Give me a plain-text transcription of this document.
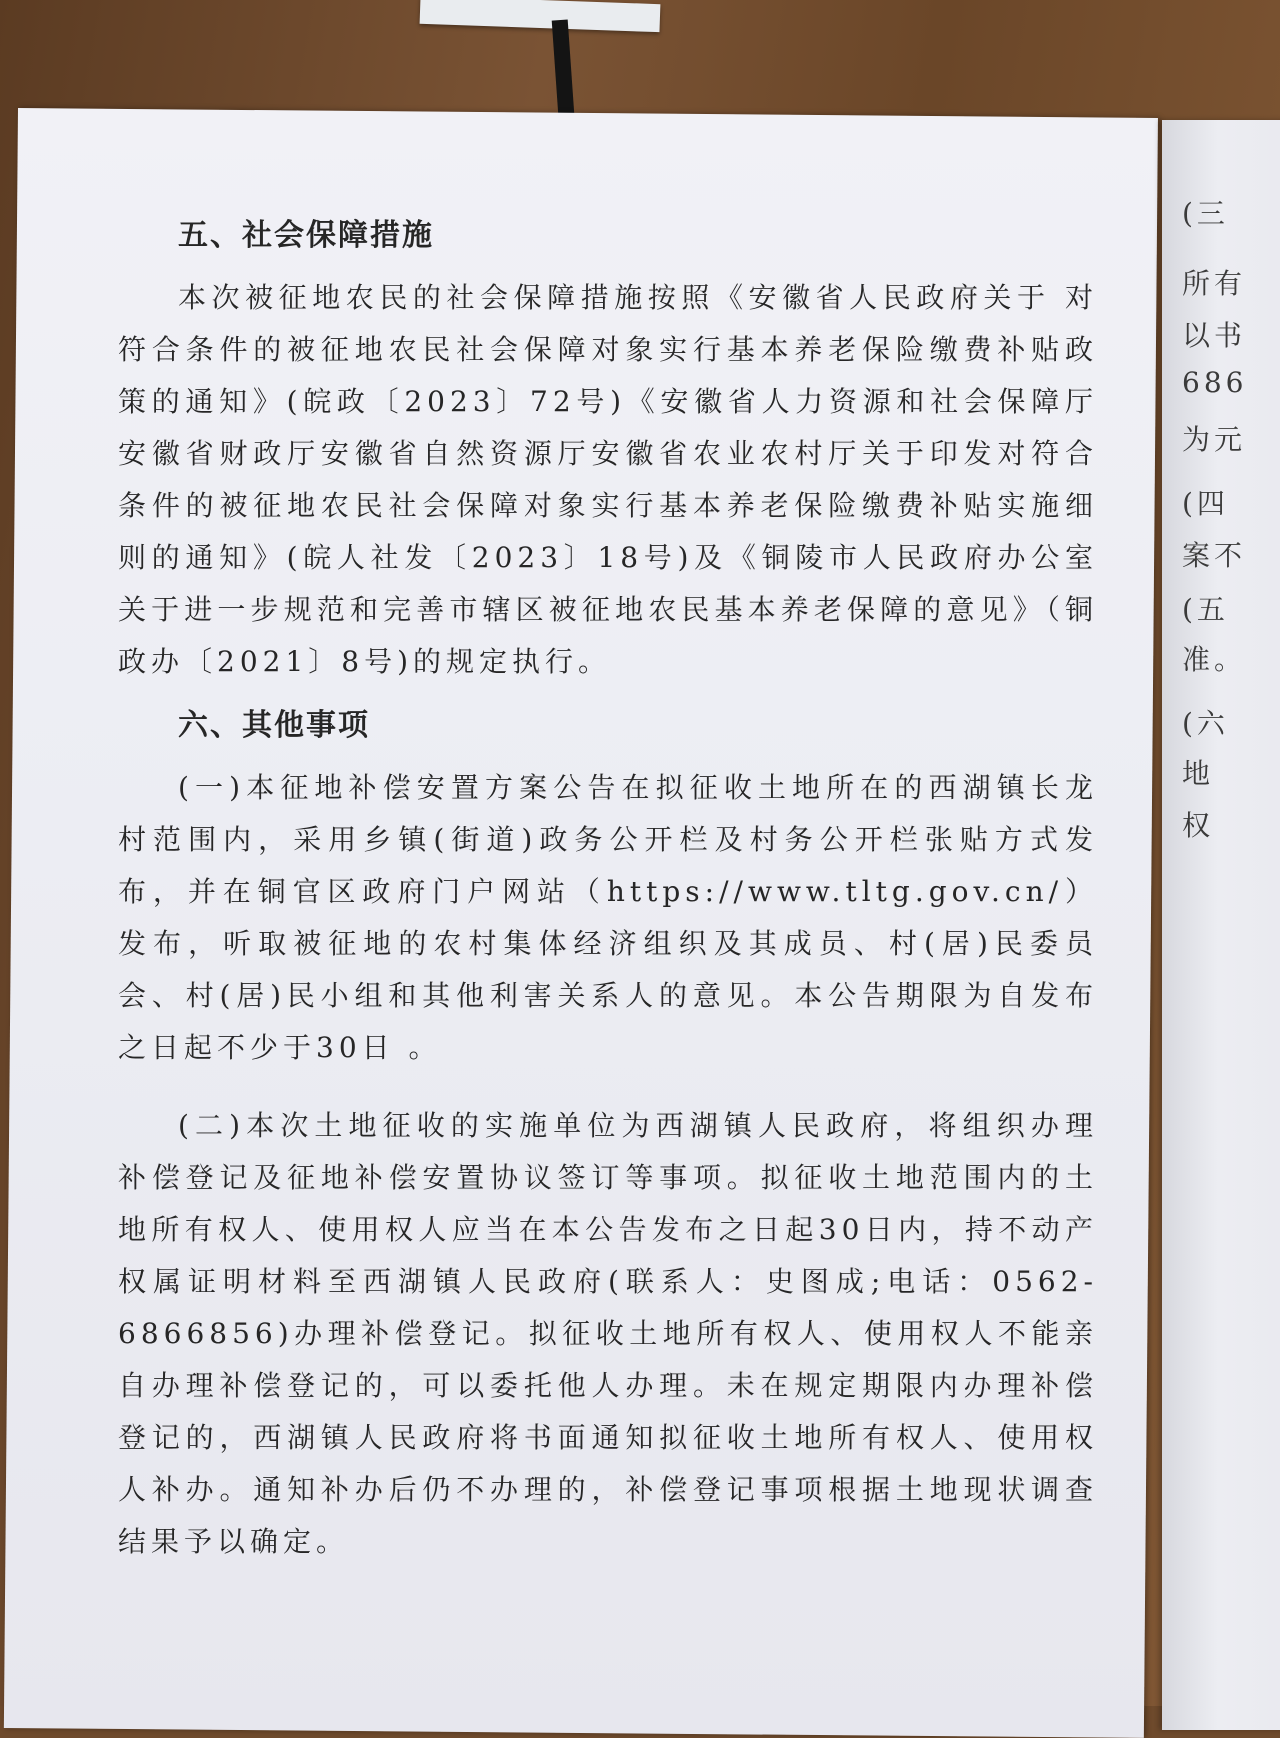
(三
所有
以书
686
为元
(四
案不
(五
准。
(六
地
权
五、社会保障措施

本次被征地农民的社会保障措施按照《安徽省人民政府关于 对符合条件的被征地农民社会保障对象实行基本养老保险缴费补贴政策的通知》(皖政〔2023〕72号)《安徽省人力资源和社会保障厅安徽省财政厅安徽省自然资源厅安徽省农业农村厅关于印发对符合条件的被征地农民社会保障对象实行基本养老保险缴费补贴实施细则的通知》(皖人社发〔2023〕18号)及《铜陵市人民政府办公室关于进一步规范和完善市辖区被征地农民基本养老保障的意见》（铜政办〔2021〕8号)的规定执行。

六、其他事项

(一)本征地补偿安置方案公告在拟征收土地所在的西湖镇长龙村范围内，采用乡镇(街道)政务公开栏及村务公开栏张贴方式发布，并在铜官区政府门户网站（https://www.tltg.gov.cn/）发布，听取被征地的农村集体经济组织及其成员、村(居)民委员会、村(居)民小组和其他利害关系人的意见。本公告期限为自发布之日起不少于30日 。

(二)本次土地征收的实施单位为西湖镇人民政府，将组织办理补偿登记及征地补偿安置协议签订等事项。拟征收土地范围内的土地所有权人、使用权人应当在本公告发布之日起30日内，持不动产权属证明材料至西湖镇人民政府(联系人：史图成;电话：0562-6866856)办理补偿登记。拟征收土地所有权人、使用权人不能亲自办理补偿登记的，可以委托他人办理。未在规定期限内办理补偿登记的，西湖镇人民政府将书面通知拟征收土地所有权人、使用权人补办。通知补办后仍不办理的，补偿登记事项根据土地现状调查结果予以确定。
